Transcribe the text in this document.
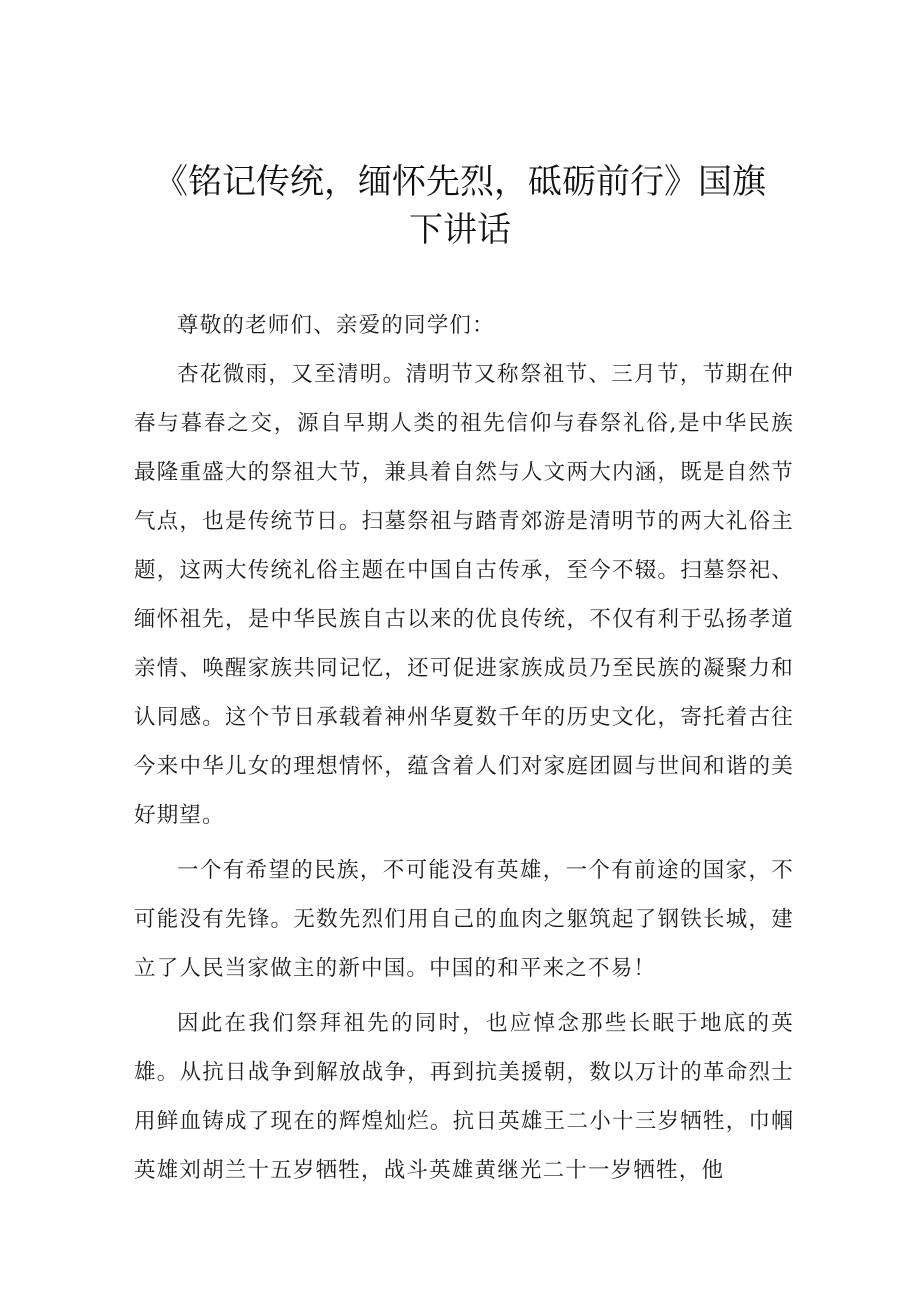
《铭记传统，缅怀先烈，砥砺前行》国旗
下讲话

尊敬的老师们、亲爱的同学们：

杏花微雨，又至清明。清明节又称祭祖节、三月节，节期在仲春与暮春之交，源自早期人类的祖先信仰与春祭礼俗,是中华民族最隆重盛大的祭祖大节，兼具着自然与人文两大内涵，既是自然节气点，也是传统节日。扫墓祭祖与踏青郊游是清明节的两大礼俗主题，这两大传统礼俗主题在中国自古传承，至今不辍。扫墓祭祀、缅怀祖先，是中华民族自古以来的优良传统，不仅有利于弘扬孝道亲情、唤醒家族共同记忆，还可促进家族成员乃至民族的凝聚力和认同感。这个节日承载着神州华夏数千年的历史文化，寄托着古往今来中华儿女的理想情怀，蕴含着人们对家庭团圆与世间和谐的美好期望。

一个有希望的民族，不可能没有英雄，一个有前途的国家，不可能没有先锋。无数先烈们用自己的血肉之躯筑起了钢铁长城，建立了人民当家做主的新中国。中国的和平来之不易！

因此在我们祭拜祖先的同时，也应悼念那些长眠于地底的英雄。从抗日战争到解放战争，再到抗美援朝，数以万计的革命烈士用鲜血铸成了现在的辉煌灿烂。抗日英雄王二小十三岁牺牲，巾帼英雄刘胡兰十五岁牺牲，战斗英雄黄继光二十一岁牺牲，他
